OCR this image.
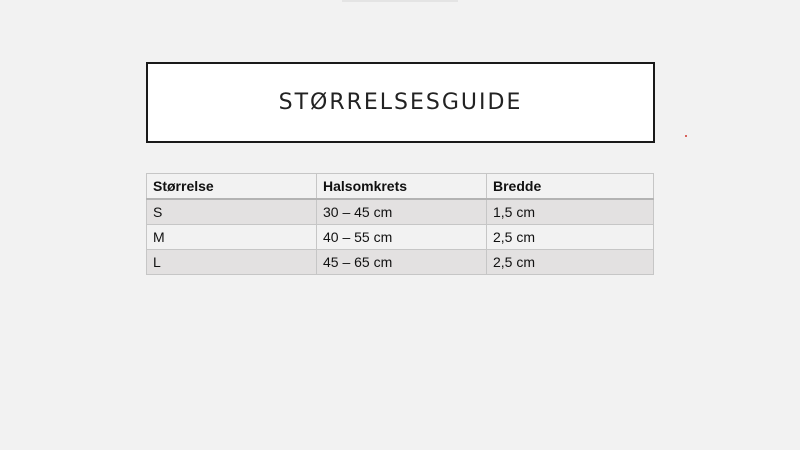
STØRRELSESGUIDE
Størrelse	Halsomkrets	Bredde
S	30 – 45 cm	1,5 cm
M	40 – 55 cm	2,5 cm
L	45 – 65 cm	2,5 cm
